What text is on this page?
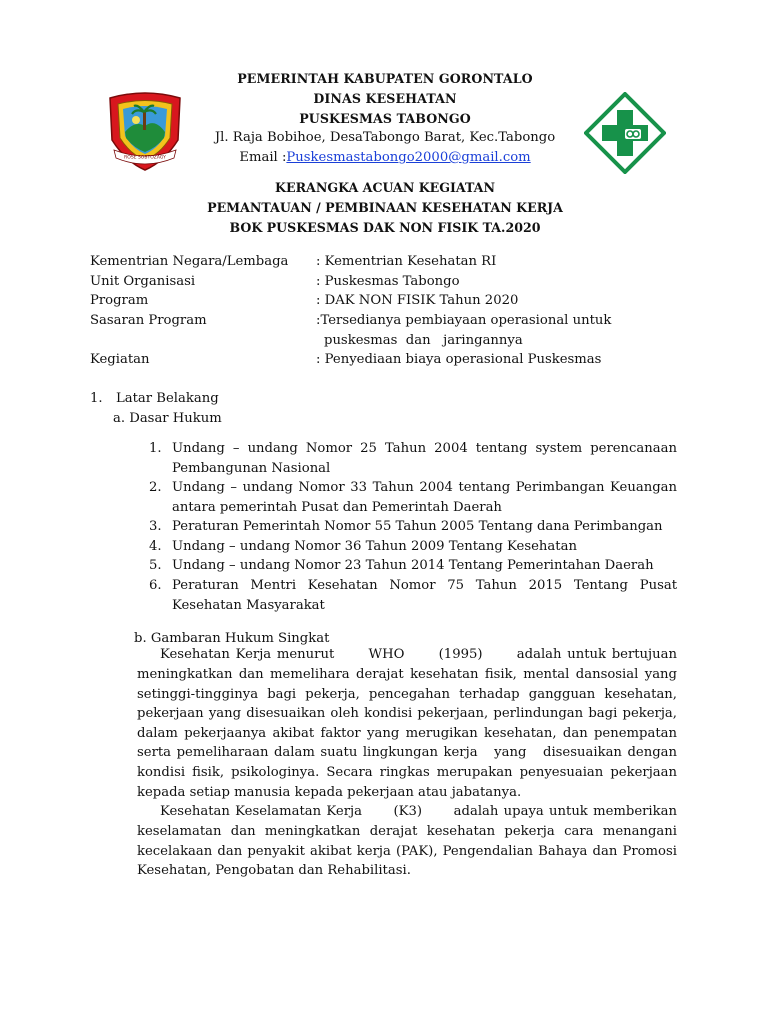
ROSE SOBTOZAGY
PEMERINTAH KABUPATEN GORONTALO
DINAS KESEHATAN
PUSKESMAS TABONGO
Jl. Raja Bobihoe, DesaTabongo Barat, Kec.Tabongo
Email :Puskesmastabongo2000@gmail.com
KERANGKA ACUAN KEGIATAN
PEMANTAUAN / PEMBINAAN KESEHATAN KERJA
BOK PUSKESMAS DAK NON FISIK TA.2020
Kementrian Negara/Lembaga : Kementrian Kesehatan RI
Unit Organisasi	: Puskesmas Tabongo
Program	: DAK NON FISIK Tahun 2020
Sasaran Program	:Tersedianya pembiayaan operasional untuk
puskesmas  dan   jaringannya
Kegiatan	: Penyediaan biaya operasional Puskesmas
1. Latar Belakang
a. Dasar Hukum
1. Undang – undang Nomor 25 Tahun 2004 tentang system perencanaan
Pembangunan Nasional
2. Undang – undang Nomor 33 Tahun 2004 tentang Perimbangan Keuangan
antara pemerintah Pusat dan Pemerintah Daerah
3. Peraturan Pemerintah Nomor 55 Tahun 2005 Tentang dana Perimbangan
4. Undang – undang Nomor 36 Tahun 2009 Tentang Kesehatan
5. Undang – undang Nomor 23 Tahun 2014 Tentang Pemerintahan Daerah
6. Peraturan Mentri Kesehatan Nomor 75 Tahun 2015 Tentang Pusat
Kesehatan Masyarakat
b. Gambaran Hukum Singkat
Kesehatan Kerja menurut      WHO      (1995)      adalah untuk bertujuan
meningkatkan dan memelihara derajat kesehatan fisik, mental dansosial yang
setinggi-tingginya bagi pekerja, pencegahan terhadap gangguan kesehatan,
pekerjaan yang disesuaikan oleh kondisi pekerjaan, perlindungan bagi pekerja,
dalam pekerjaanya akibat faktor yang merugikan kesehatan, dan penempatan
serta pemeliharaan dalam suatu lingkungan kerja   yang   disesuaikan dengan
kondisi fisik, psikologinya. Secara ringkas merupakan penyesuaian pekerjaan
kepada setiap manusia kepada pekerjaan atau jabatanya.
Kesehatan Keselamatan Kerja      (K3)      adalah upaya untuk memberikan
keselamatan dan meningkatkan derajat kesehatan pekerja cara menangani
kecelakaan dan penyakit akibat kerja (PAK), Pengendalian Bahaya dan Promosi
Kesehatan, Pengobatan dan Rehabilitasi.
